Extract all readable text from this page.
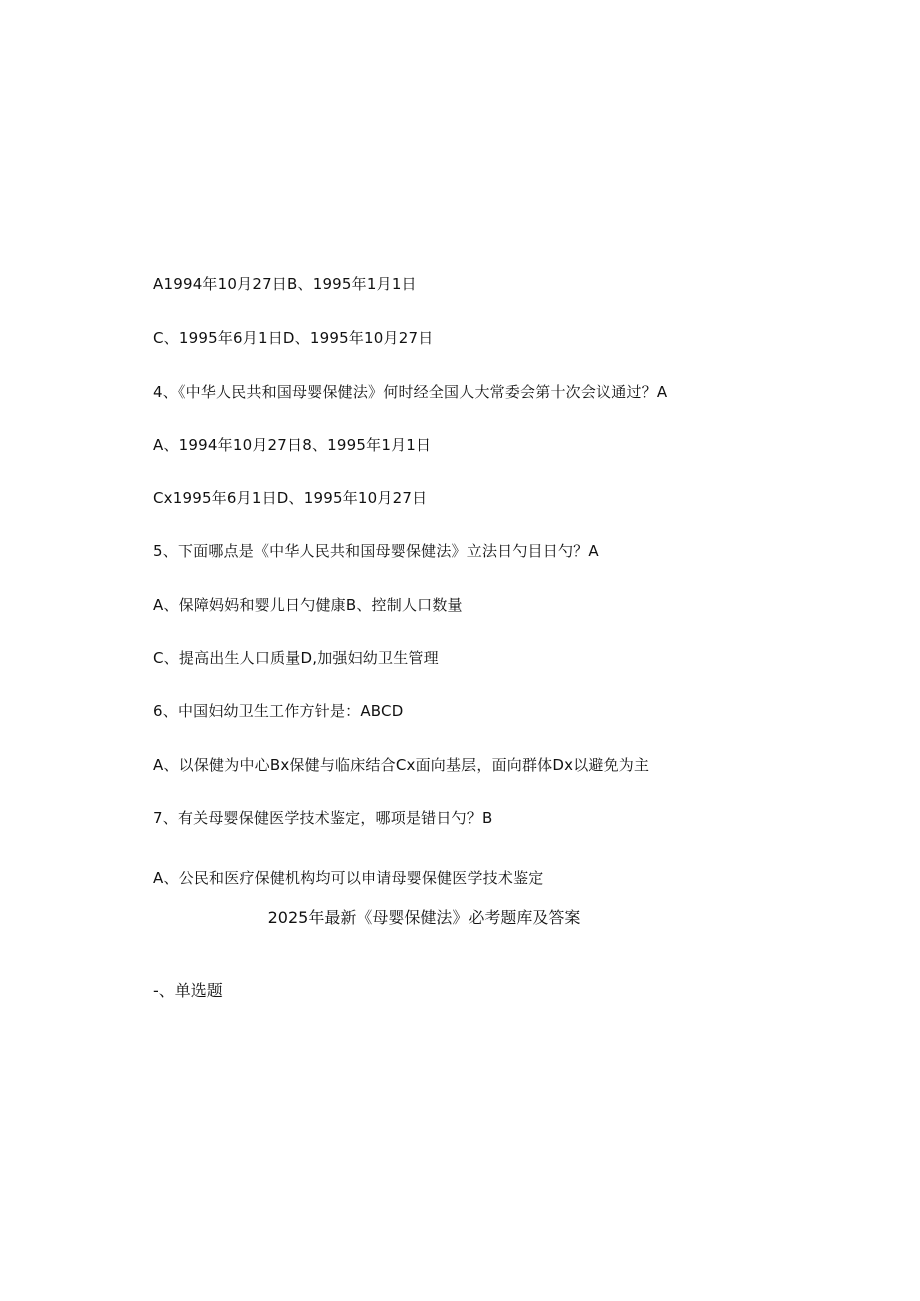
A1994年10月27日B、1995年1月1日
C、1995年6月1日D、1995年10月27日
4、《中华人民共和国母婴保健法》何时经全国人大常委会第十次会议通过？A
A、1994年10月27日8、1995年1月1日
Cx1995年6月1日D、1995年10月27日
5、下面哪点是《中华人民共和国母婴保健法》立法日勺目日勺？A
A、保障妈妈和婴儿日勺健康B、控制人口数量
C、提高出生人口质量D,加强妇幼卫生管理
6、中国妇幼卫生工作方针是：ABCD
A、以保健为中心Bx保健与临床结合Cx面向基层，面向群体Dx以避免为主
7、有关母婴保健医学技术鉴定，哪项是错日勺？B
A、公民和医疗保健机构均可以申请母婴保健医学技术鉴定
2025年最新《母婴保健法》必考题库及答案
-、单选题
